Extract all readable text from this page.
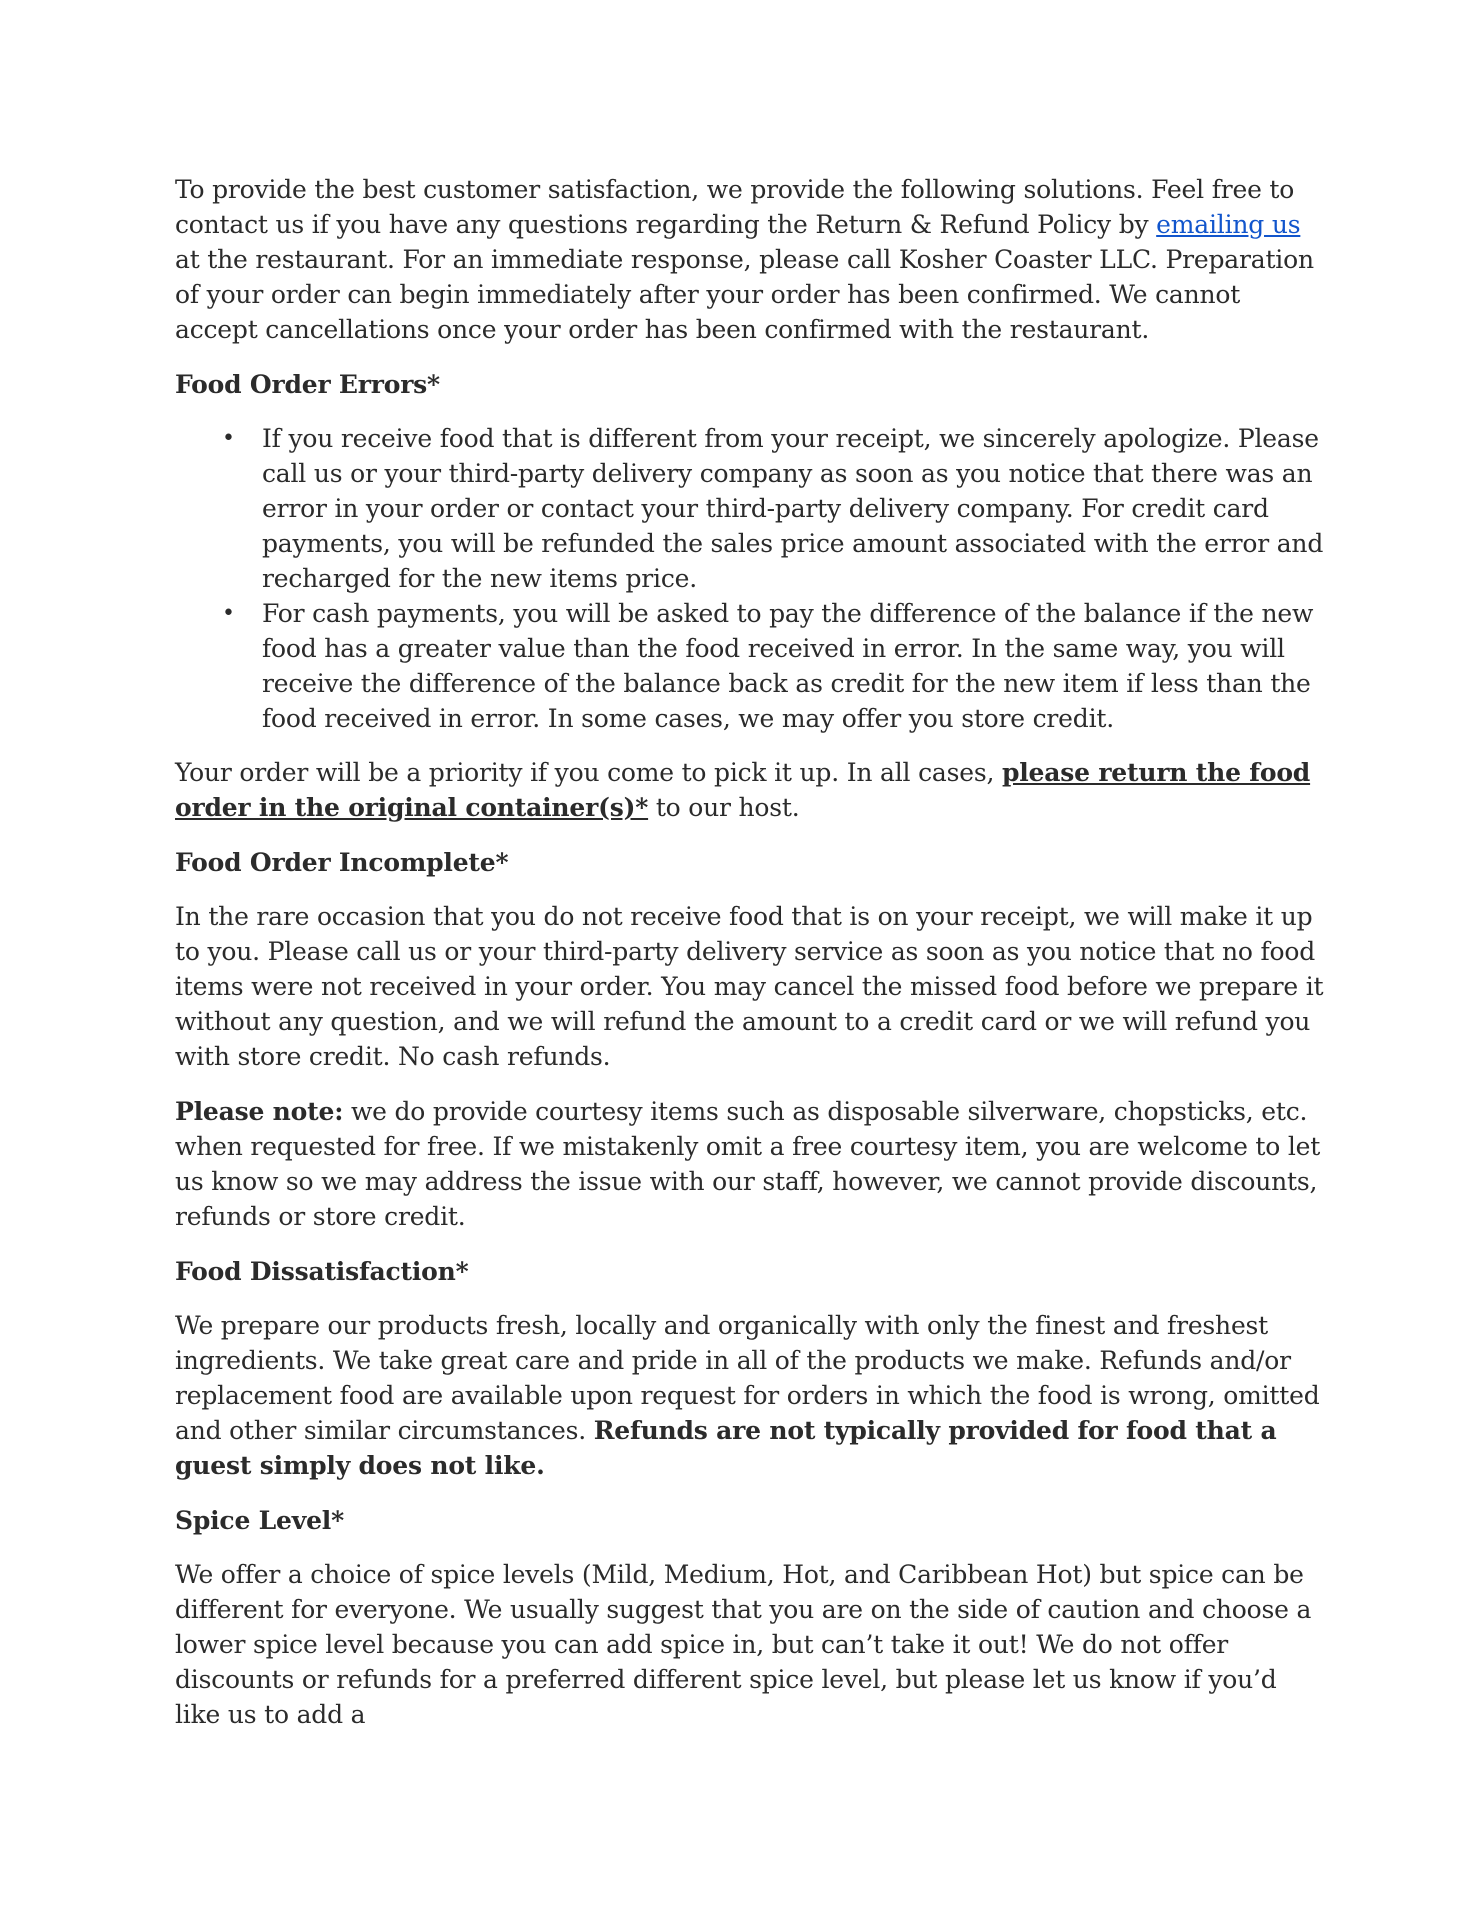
To provide the best customer satisfaction, we provide the following solutions. Feel free to contact us if you have any questions regarding the Return & Refund Policy by emailing us at the restaurant. For an immediate response, please call Kosher Coaster LLC. Preparation of your order can begin immediately after your order has been confirmed. We cannot accept cancellations once your order has been confirmed with the restaurant.

Food Order Errors*

• If you receive food that is different from your receipt, we sincerely apologize. Please call us or your third-party delivery company as soon as you notice that there was an error in your order or contact your third-party delivery company. For credit card payments, you will be refunded the sales price amount associated with the error and recharged for the new items price.
• For cash payments, you will be asked to pay the difference of the balance if the new food has a greater value than the food received in error. In the same way, you will receive the difference of the balance back as credit for the new item if less than the food received in error. In some cases, we may offer you store credit.

Your order will be a priority if you come to pick it up. In all cases, please return the food order in the original container(s)* to our host.

Food Order Incomplete*

In the rare occasion that you do not receive food that is on your receipt, we will make it up to you. Please call us or your third-party delivery service as soon as you notice that no food items were not received in your order. You may cancel the missed food before we prepare it without any question, and we will refund the amount to a credit card or we will refund you with store credit. No cash refunds.

Please note: we do provide courtesy items such as disposable silverware, chopsticks, etc. when requested for free. If we mistakenly omit a free courtesy item, you are welcome to let us know so we may address the issue with our staff, however, we cannot provide discounts, refunds or store credit.

Food Dissatisfaction*

We prepare our products fresh, locally and organically with only the finest and freshest ingredients. We take great care and pride in all of the products we make. Refunds and/or replacement food are available upon request for orders in which the food is wrong, omitted and other similar circumstances. Refunds are not typically provided for food that a guest simply does not like.

Spice Level*

We offer a choice of spice levels (Mild, Medium, Hot, and Caribbean Hot) but spice can be different for everyone. We usually suggest that you are on the side of caution and choose a lower spice level because you can add spice in, but can’t take it out! We do not offer discounts or refunds for a preferred different spice level, but please let us know if you’d like us to add a
